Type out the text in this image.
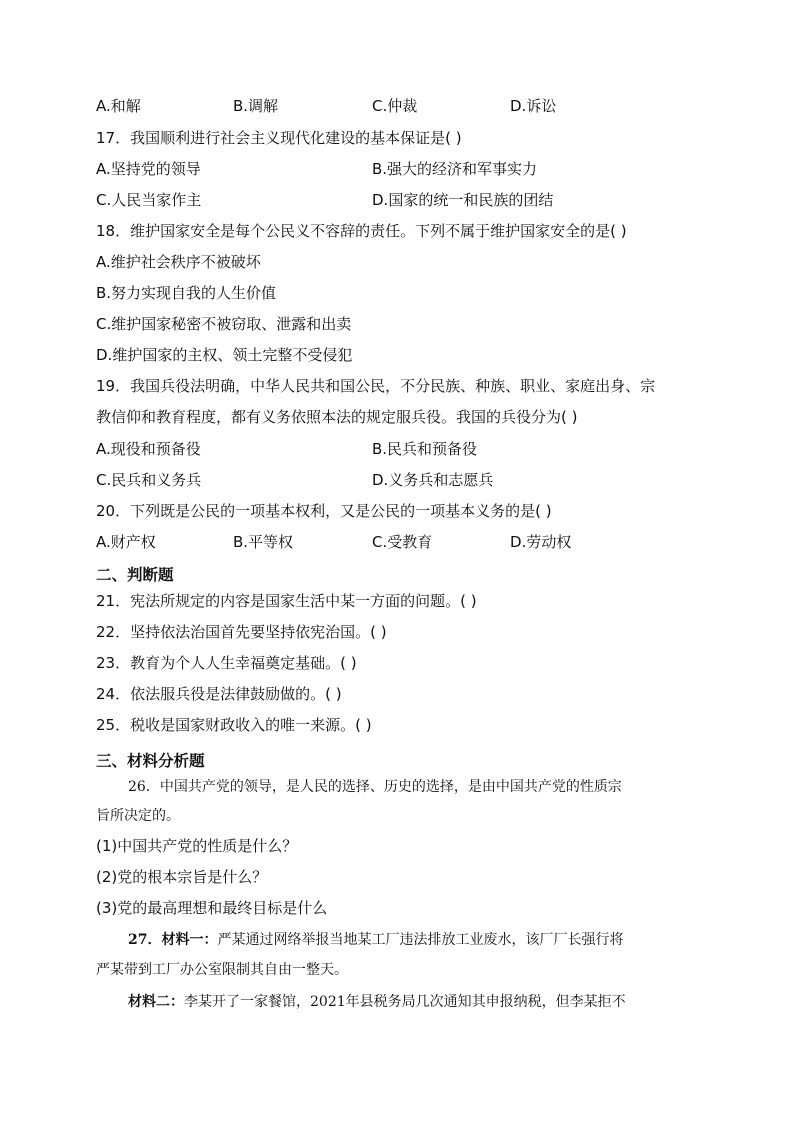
A.和解	B.调解	C.仲裁	D.诉讼
17．我国顺利进行社会主义现代化建设的基本保证是( )
A.坚持党的领导	B.强大的经济和军事实力
C.人民当家作主	D.国家的统一和民族的团结
18．维护国家安全是每个公民义不容辞的责任。下列不属于维护国家安全的是( )
A.维护社会秩序不被破坏
B.努力实现自我的人生价值
C.维护国家秘密不被窃取、泄露和出卖
D.维护国家的主权、领土完整不受侵犯
19．我国兵役法明确，中华人民共和国公民，不分民族、种族、职业、家庭出身、宗
教信仰和教育程度，都有义务依照本法的规定服兵役。我国的兵役分为( )
A.现役和预备役	B.民兵和预备役
C.民兵和义务兵	D.义务兵和志愿兵
20．下列既是公民的一项基本权利，又是公民的一项基本义务的是( )
A.财产权	B.平等权	C.受教育	D.劳动权
二、判断题
21．宪法所规定的内容是国家生活中某一方面的问题。( )
22．坚持依法治国首先要坚持依宪治国。( )
23．教育为个人人生幸福奠定基础。( )
24．依法服兵役是法律鼓励做的。( )
25．税收是国家财政收入的唯一来源。( )
三、材料分析题
26．中国共产党的领导，是人民的选择、历史的选择，是由中国共产党的性质宗
旨所决定的。
(1)中国共产党的性质是什么？
(2)党的根本宗旨是什么？
(3)党的最高理想和最终目标是什么
27．材料一：严某通过网络举报当地某工厂违法排放工业废水，该厂厂长强行将
严某带到工厂办公室限制其自由一整天。
材料二：李某开了一家餐馆，2021年县税务局几次通知其申报纳税，但李某拒不
